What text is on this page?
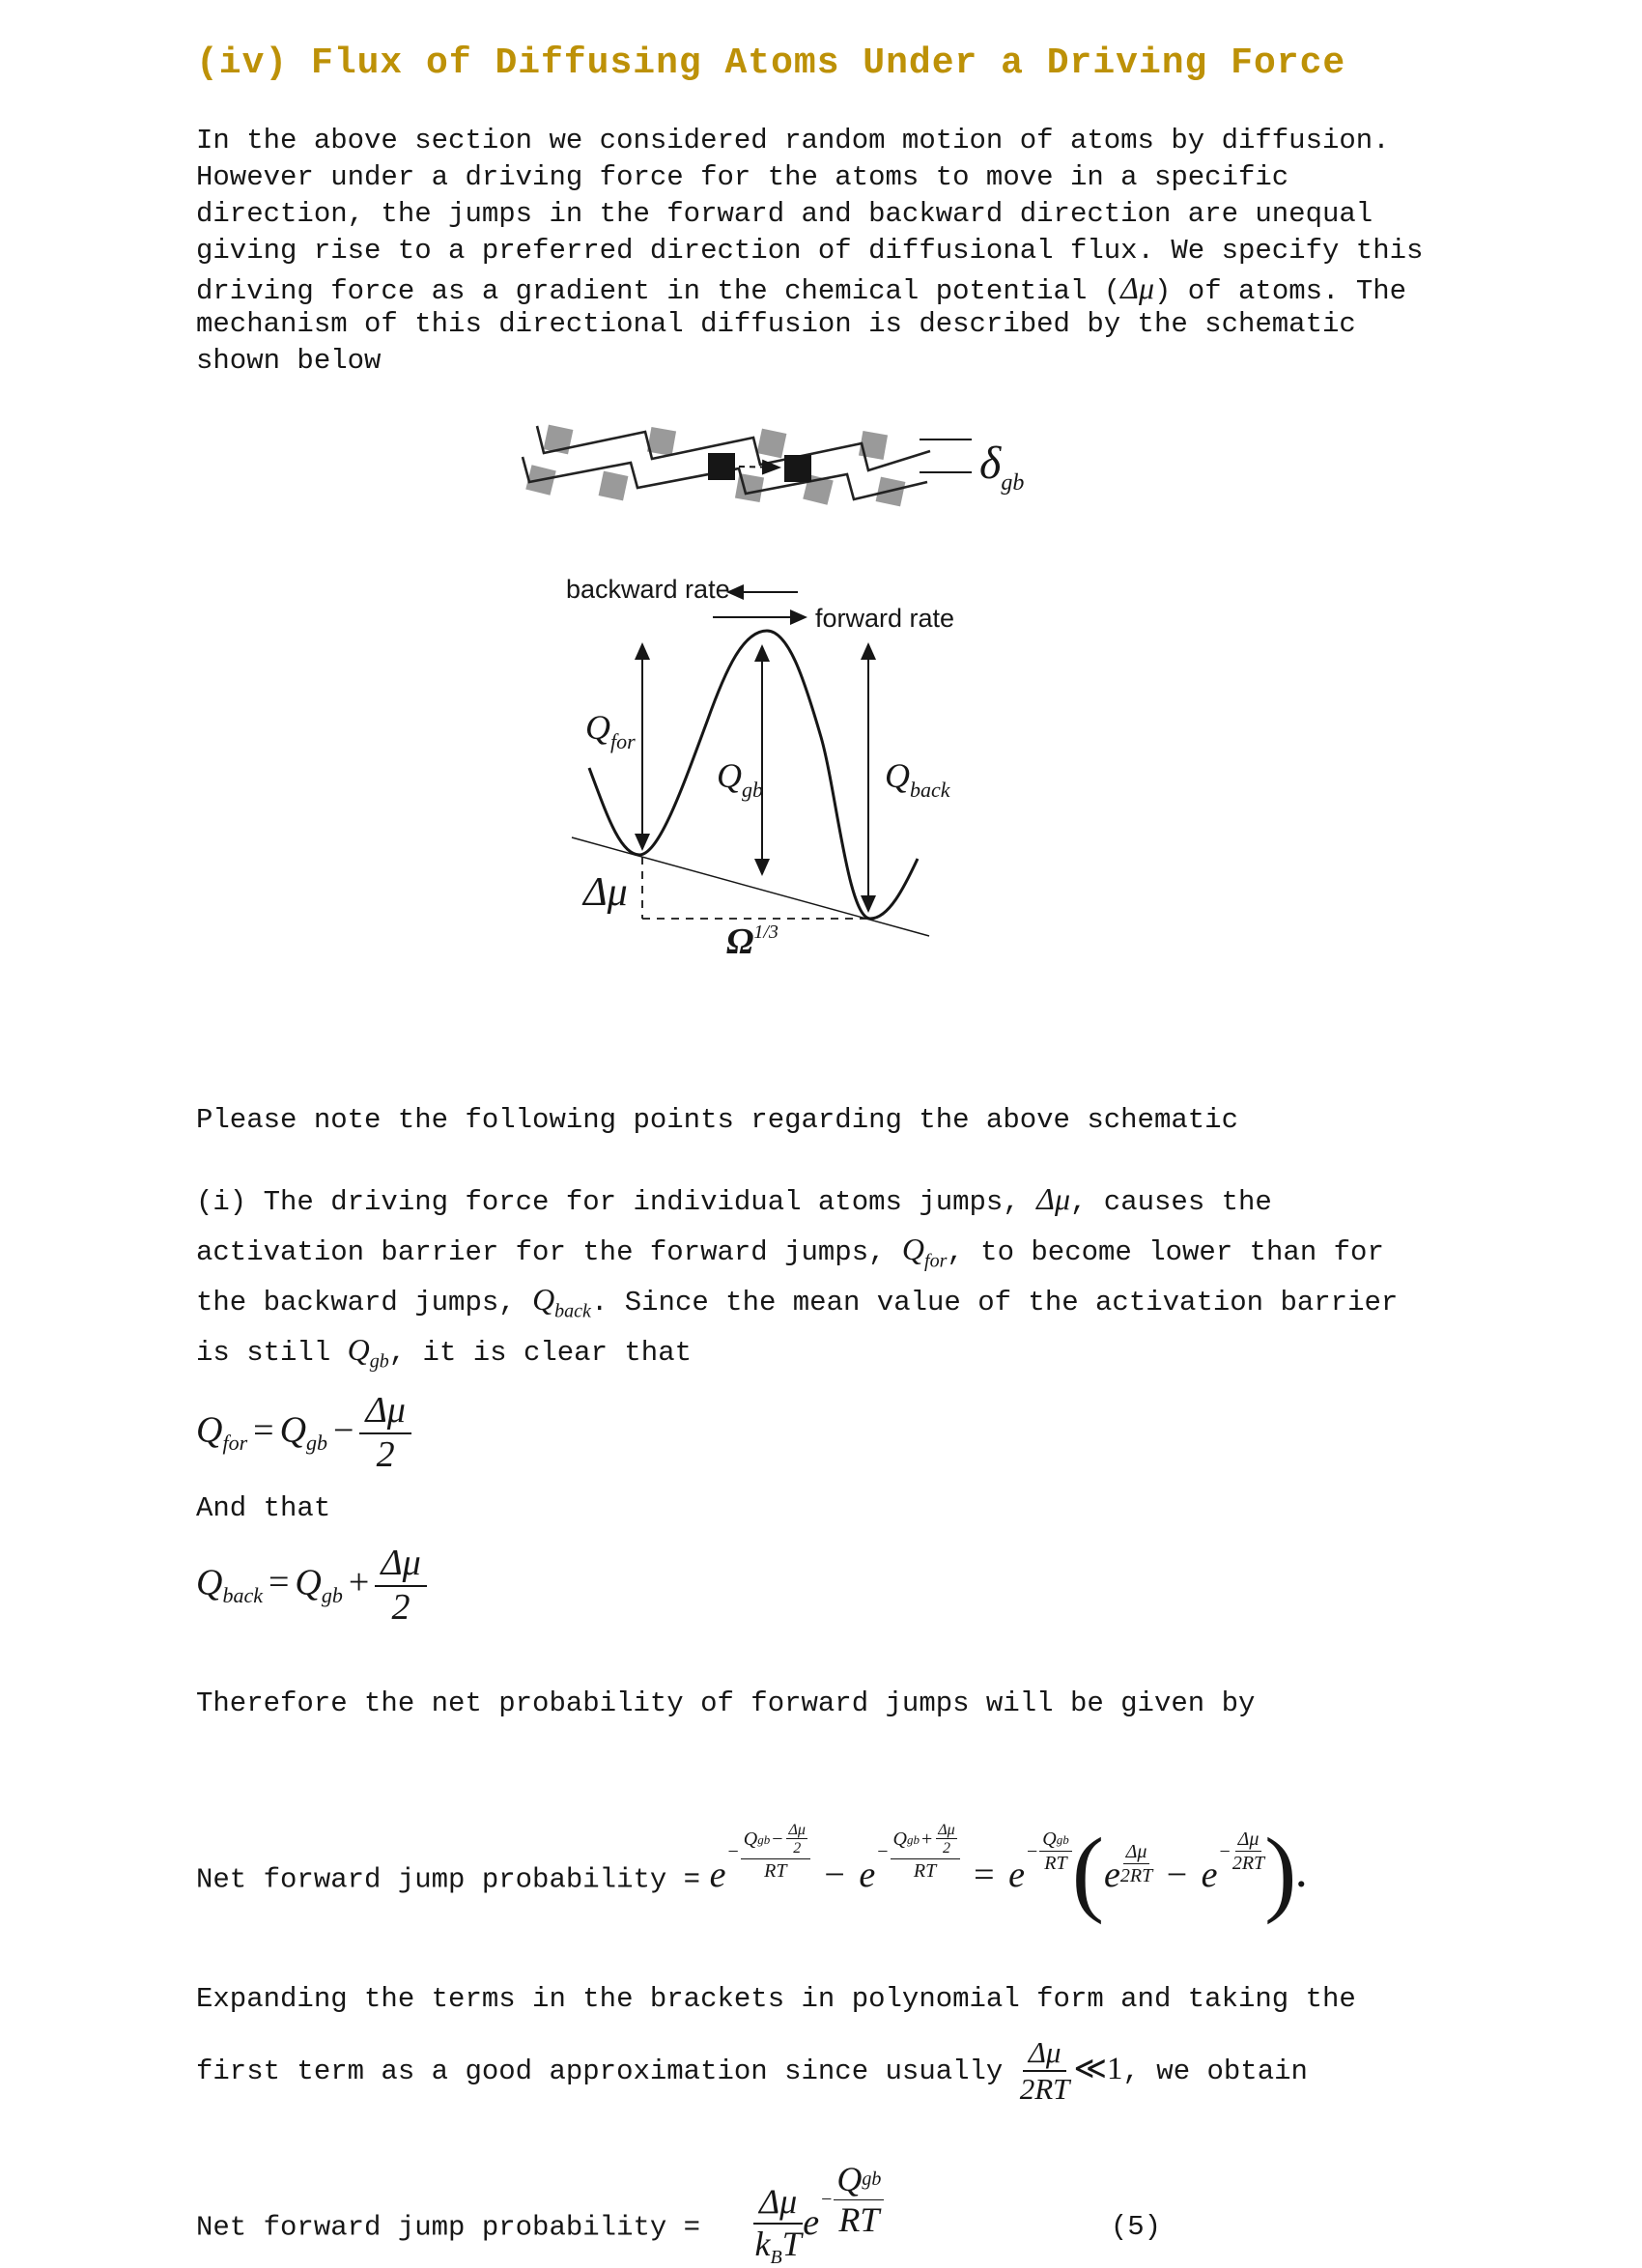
(iv) Flux of Diffusing Atoms Under a Driving Force
In the above section we considered random motion of atoms by diffusion.
However under a driving force for the atoms to move in a specific
direction, the jumps in the forward and backward direction are unequal
giving rise to a preferred direction of diffusional flux. We specify this
driving force as a gradient in the chemical potential (Δμ) of atoms. The
mechanism of this directional diffusion is described by the schematic
shown below
$\delta_{gb}$
backward rate
forward rate
$Q_{for}$
$Q_{gb}$	$Q_{back}$
Δμ
$\Omega^{1/3}$
Please note the following points regarding the above schematic
(i) The driving force for individual atoms jumps, Δμ, causes the
activation barrier for the forward jumps, $Q_{for}$, to become lower than for
the backward jumps, $Q_{back}$. Since the mean value of the activation barrier
is still $Q_{gb}$, it is clear that
$Q_{for} = Q_{gb} - \frac{\Delta\mu}{2}$
And that
$Q_{back} = Q_{gb} + \frac{\Delta\mu}{2}$
Therefore the net probability of forward jumps will be given by
Net forward jump probability = e
− $\frac{Q gb - \frac{\Delta\mu}{2}}{RT} - e$
− $\frac{Q gb + \frac{\Delta\mu}{2}}{RT} = e$
− $\frac{\text{Q gb}}{RT} (e \frac{\Delta\mu}{2RT} - e$
− $\frac{\Delta\mu}{2RT}$ ).
Expanding the terms in the brackets in polynomial form and taking the
first term as a good approximation since usually $\frac{\Delta\mu}{2RT}$ ≪1, we obtain
Net forward jump probability = $\frac{\Delta\mu}{k_BT}$ e
− $\frac{\text{Q gb}}{RT}$	(5)
